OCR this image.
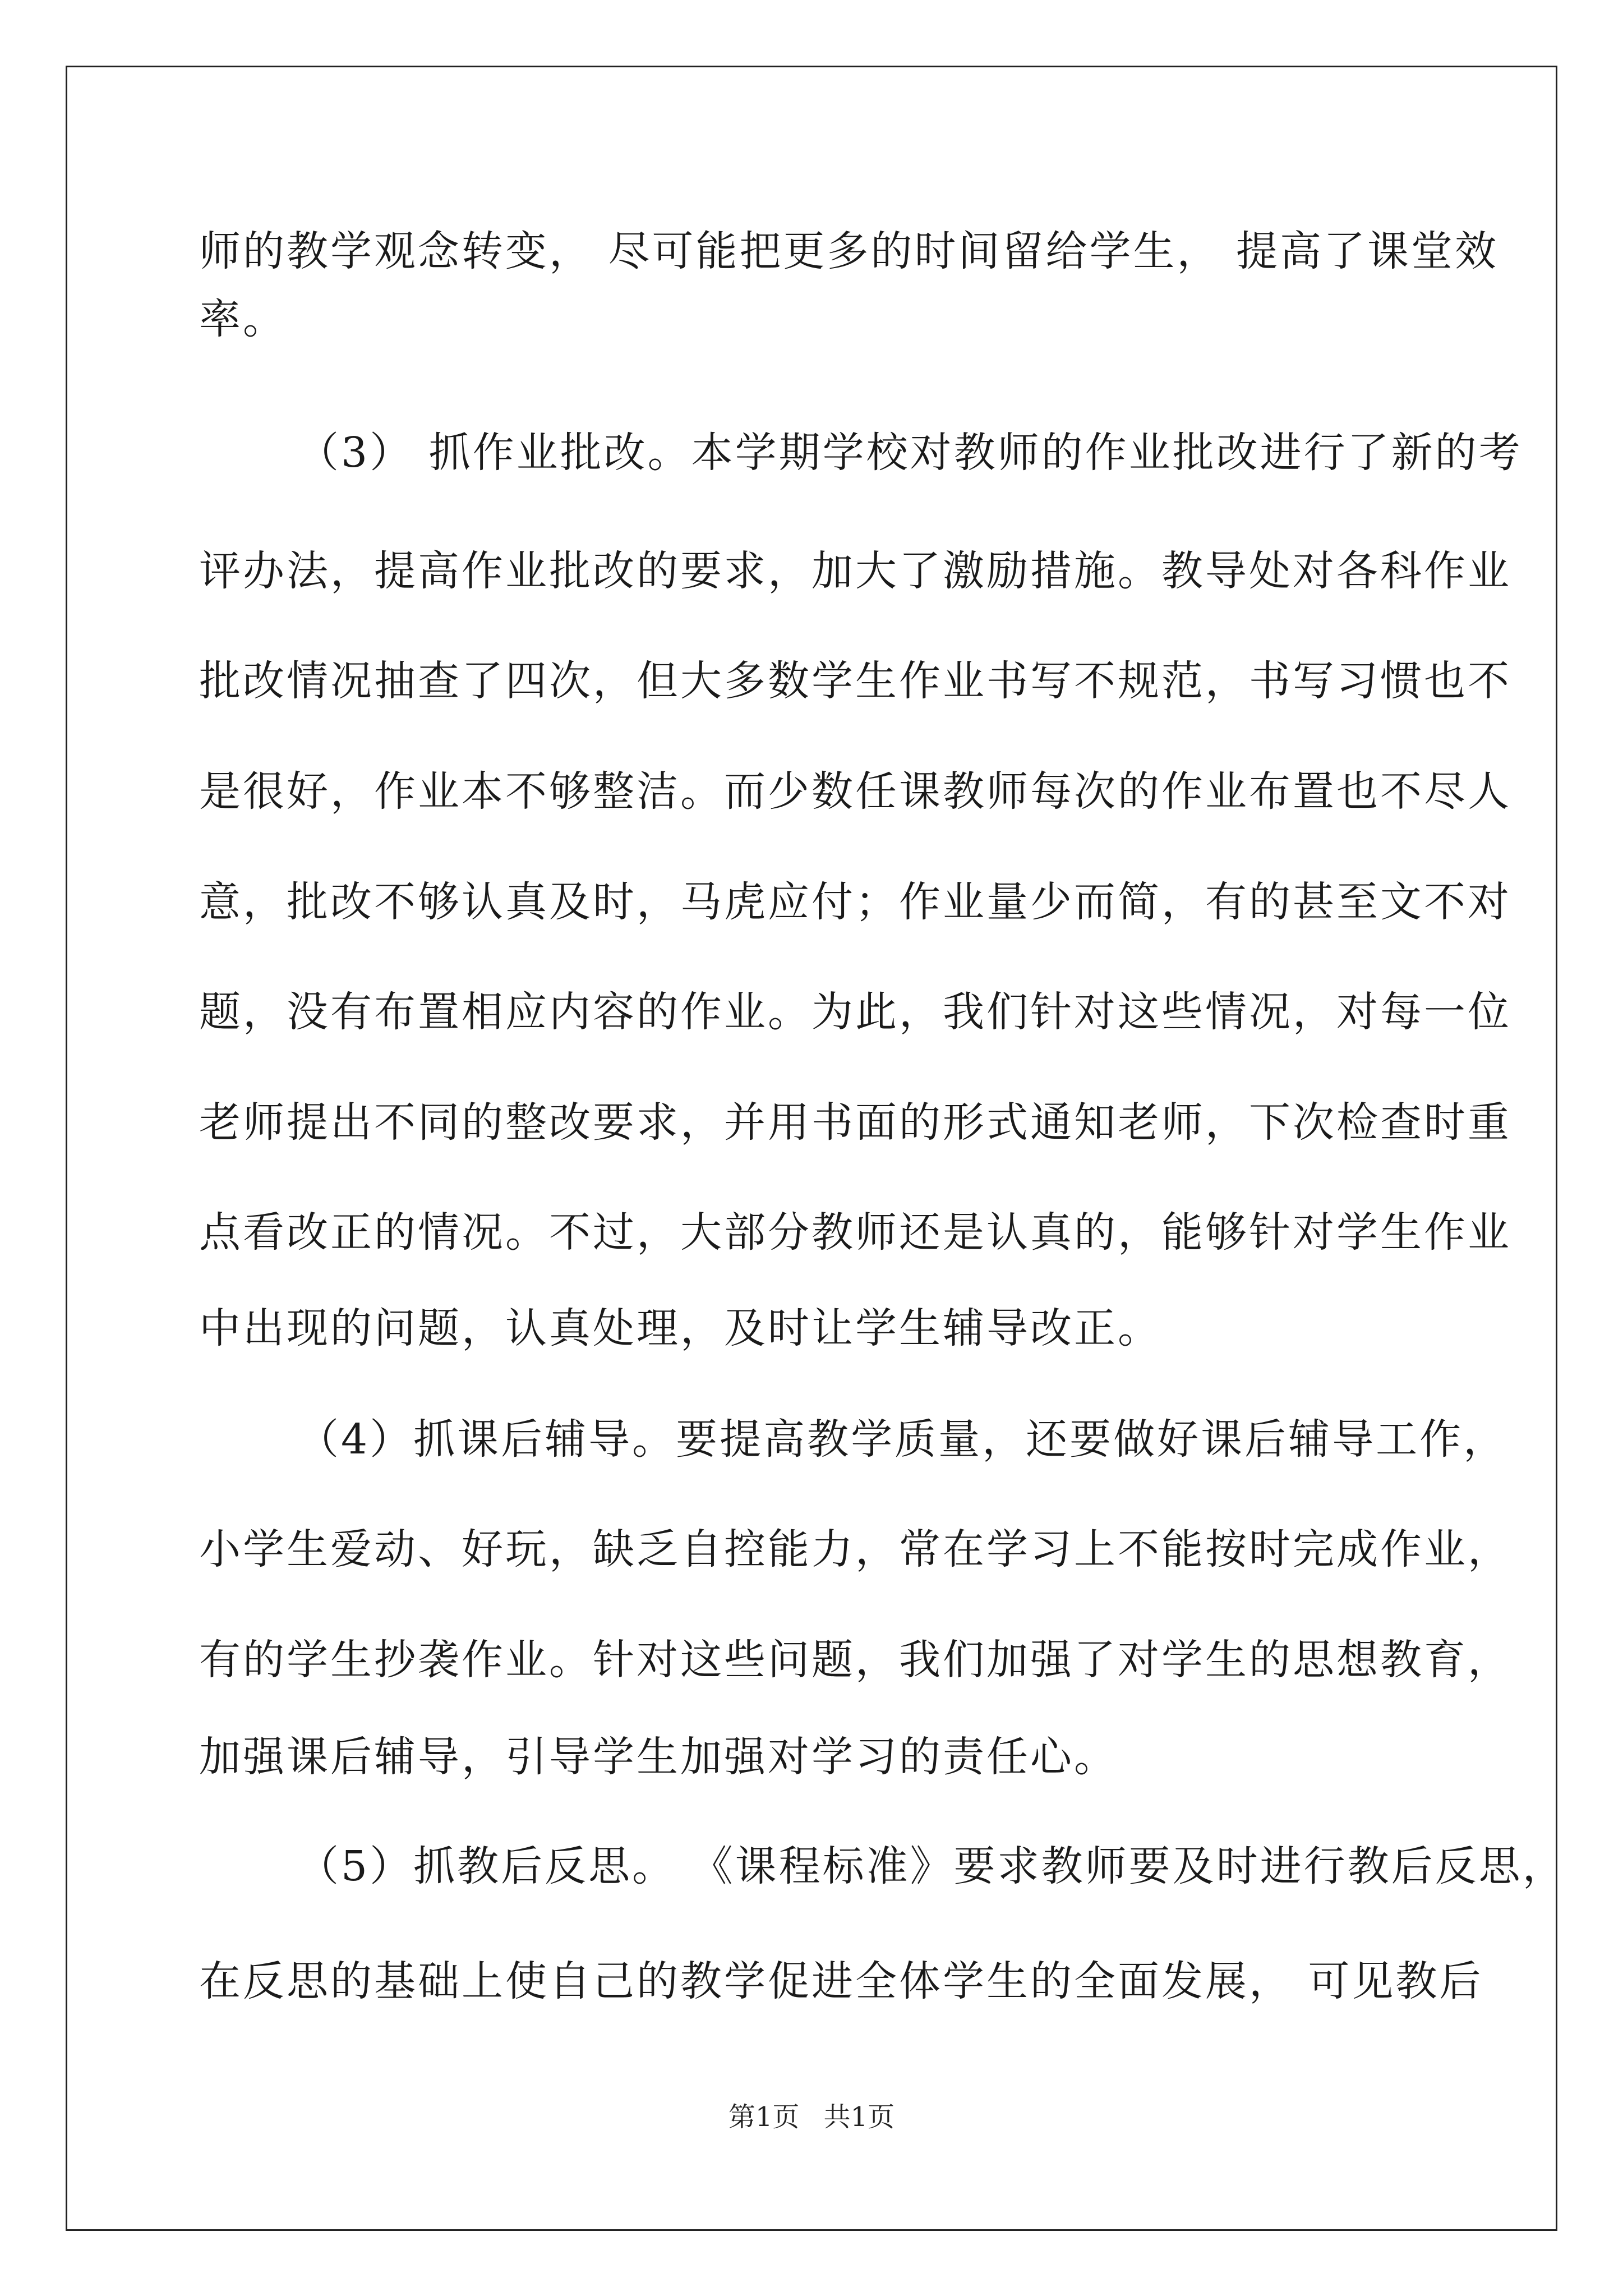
师的教学观念转变， 尽可能把更多的时间留给学生， 提高了课堂效
率。
（3） 抓作业批改。本学期学校对教师的作业批改进行了新的考
评办法，提高作业批改的要求，加大了激励措施。教导处对各科作业
批改情况抽查了四次，但大多数学生作业书写不规范，书写习惯也不
是很好，作业本不够整洁。而少数任课教师每次的作业布置也不尽人
意，批改不够认真及时，马虎应付；作业量少而简，有的甚至文不对
题，没有布置相应内容的作业。为此，我们针对这些情况，对每一位
老师提出不同的整改要求，并用书面的形式通知老师，下次检查时重
点看改正的情况。不过，大部分教师还是认真的，能够针对学生作业
中出现的问题，认真处理，及时让学生辅导改正。
（4）抓课后辅导。要提高教学质量，还要做好课后辅导工作，
小学生爱动、好玩，缺乏自控能力，常在学习上不能按时完成作业，
有的学生抄袭作业。针对这些问题，我们加强了对学生的思想教育，
加强课后辅导，引导学生加强对学习的责任心。
（5）抓教后反思。 《课程标准》要求教师要及时进行教后反思，
在反思的基础上使自己的教学促进全体学生的全面发展， 可见教后
第1页 共1页
